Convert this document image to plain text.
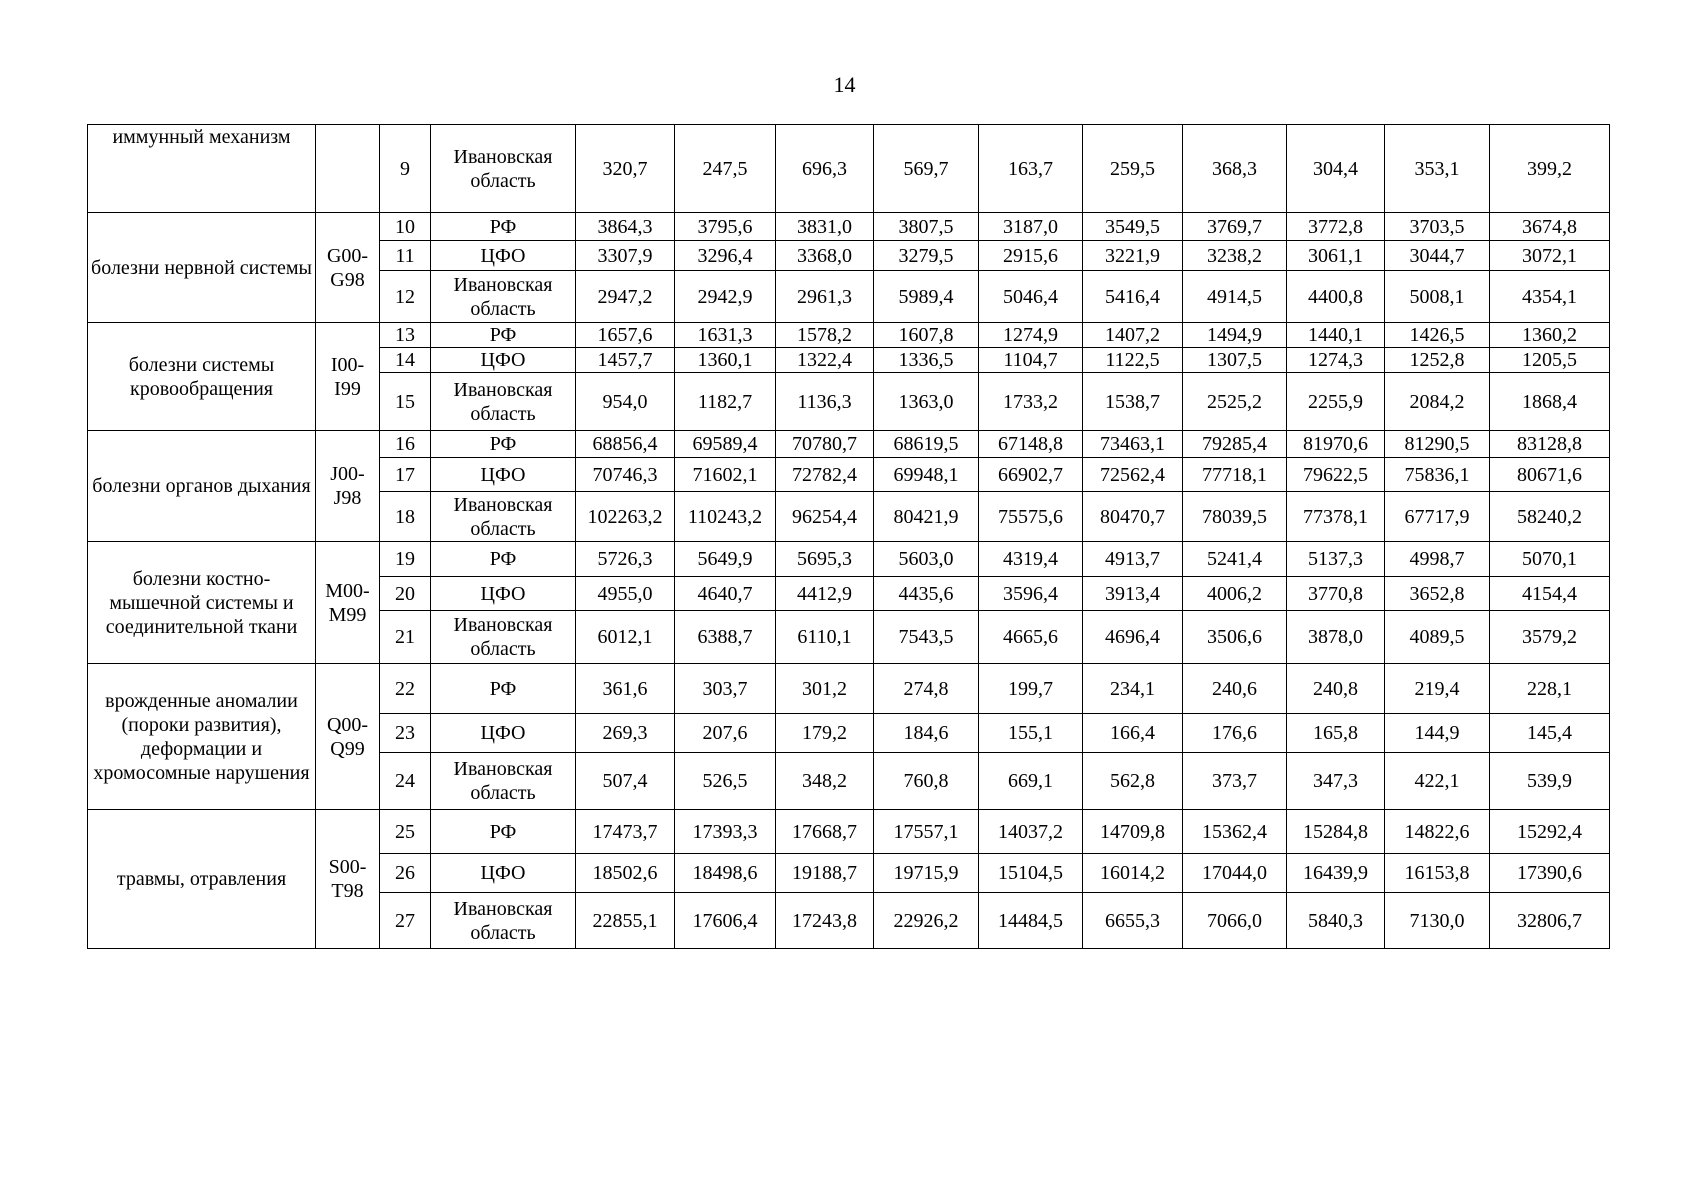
14
иммунный механизм		9	Ивановская область	320,7	247,5	696,3	569,7	163,7	259,5	368,3	304,4	353,1	399,2
болезни нервной системы	G00-G98	10	РФ	3864,3	3795,6	3831,0	3807,5	3187,0	3549,5	3769,7	3772,8	3703,5	3674,8
		11	ЦФО	3307,9	3296,4	3368,0	3279,5	2915,6	3221,9	3238,2	3061,1	3044,7	3072,1
		12	Ивановская область	2947,2	2942,9	2961,3	5989,4	5046,4	5416,4	4914,5	4400,8	5008,1	4354,1
болезни системы кровообращения	I00-I99	13	РФ	1657,6	1631,3	1578,2	1607,8	1274,9	1407,2	1494,9	1440,1	1426,5	1360,2
		14	ЦФО	1457,7	1360,1	1322,4	1336,5	1104,7	1122,5	1307,5	1274,3	1252,8	1205,5
		15	Ивановская область	954,0	1182,7	1136,3	1363,0	1733,2	1538,7	2525,2	2255,9	2084,2	1868,4
болезни органов дыхания	J00-J98	16	РФ	68856,4	69589,4	70780,7	68619,5	67148,8	73463,1	79285,4	81970,6	81290,5	83128,8
		17	ЦФО	70746,3	71602,1	72782,4	69948,1	66902,7	72562,4	77718,1	79622,5	75836,1	80671,6
		18	Ивановская область	102263,2	110243,2	96254,4	80421,9	75575,6	80470,7	78039,5	77378,1	67717,9	58240,2
болезни костно-мышечной системы и соединительной ткани	M00-M99	19	РФ	5726,3	5649,9	5695,3	5603,0	4319,4	4913,7	5241,4	5137,3	4998,7	5070,1
		20	ЦФО	4955,0	4640,7	4412,9	4435,6	3596,4	3913,4	4006,2	3770,8	3652,8	4154,4
		21	Ивановская область	6012,1	6388,7	6110,1	7543,5	4665,6	4696,4	3506,6	3878,0	4089,5	3579,2
врожденные аномалии (пороки развития), деформации и хромосомные нарушения	Q00-Q99	22	РФ	361,6	303,7	301,2	274,8	199,7	234,1	240,6	240,8	219,4	228,1
		23	ЦФО	269,3	207,6	179,2	184,6	155,1	166,4	176,6	165,8	144,9	145,4
		24	Ивановская область	507,4	526,5	348,2	760,8	669,1	562,8	373,7	347,3	422,1	539,9
травмы, отравления	S00-T98	25	РФ	17473,7	17393,3	17668,7	17557,1	14037,2	14709,8	15362,4	15284,8	14822,6	15292,4
		26	ЦФО	18502,6	18498,6	19188,7	19715,9	15104,5	16014,2	17044,0	16439,9	16153,8	17390,6
		27	Ивановская область	22855,1	17606,4	17243,8	22926,2	14484,5	6655,3	7066,0	5840,3	7130,0	32806,7
